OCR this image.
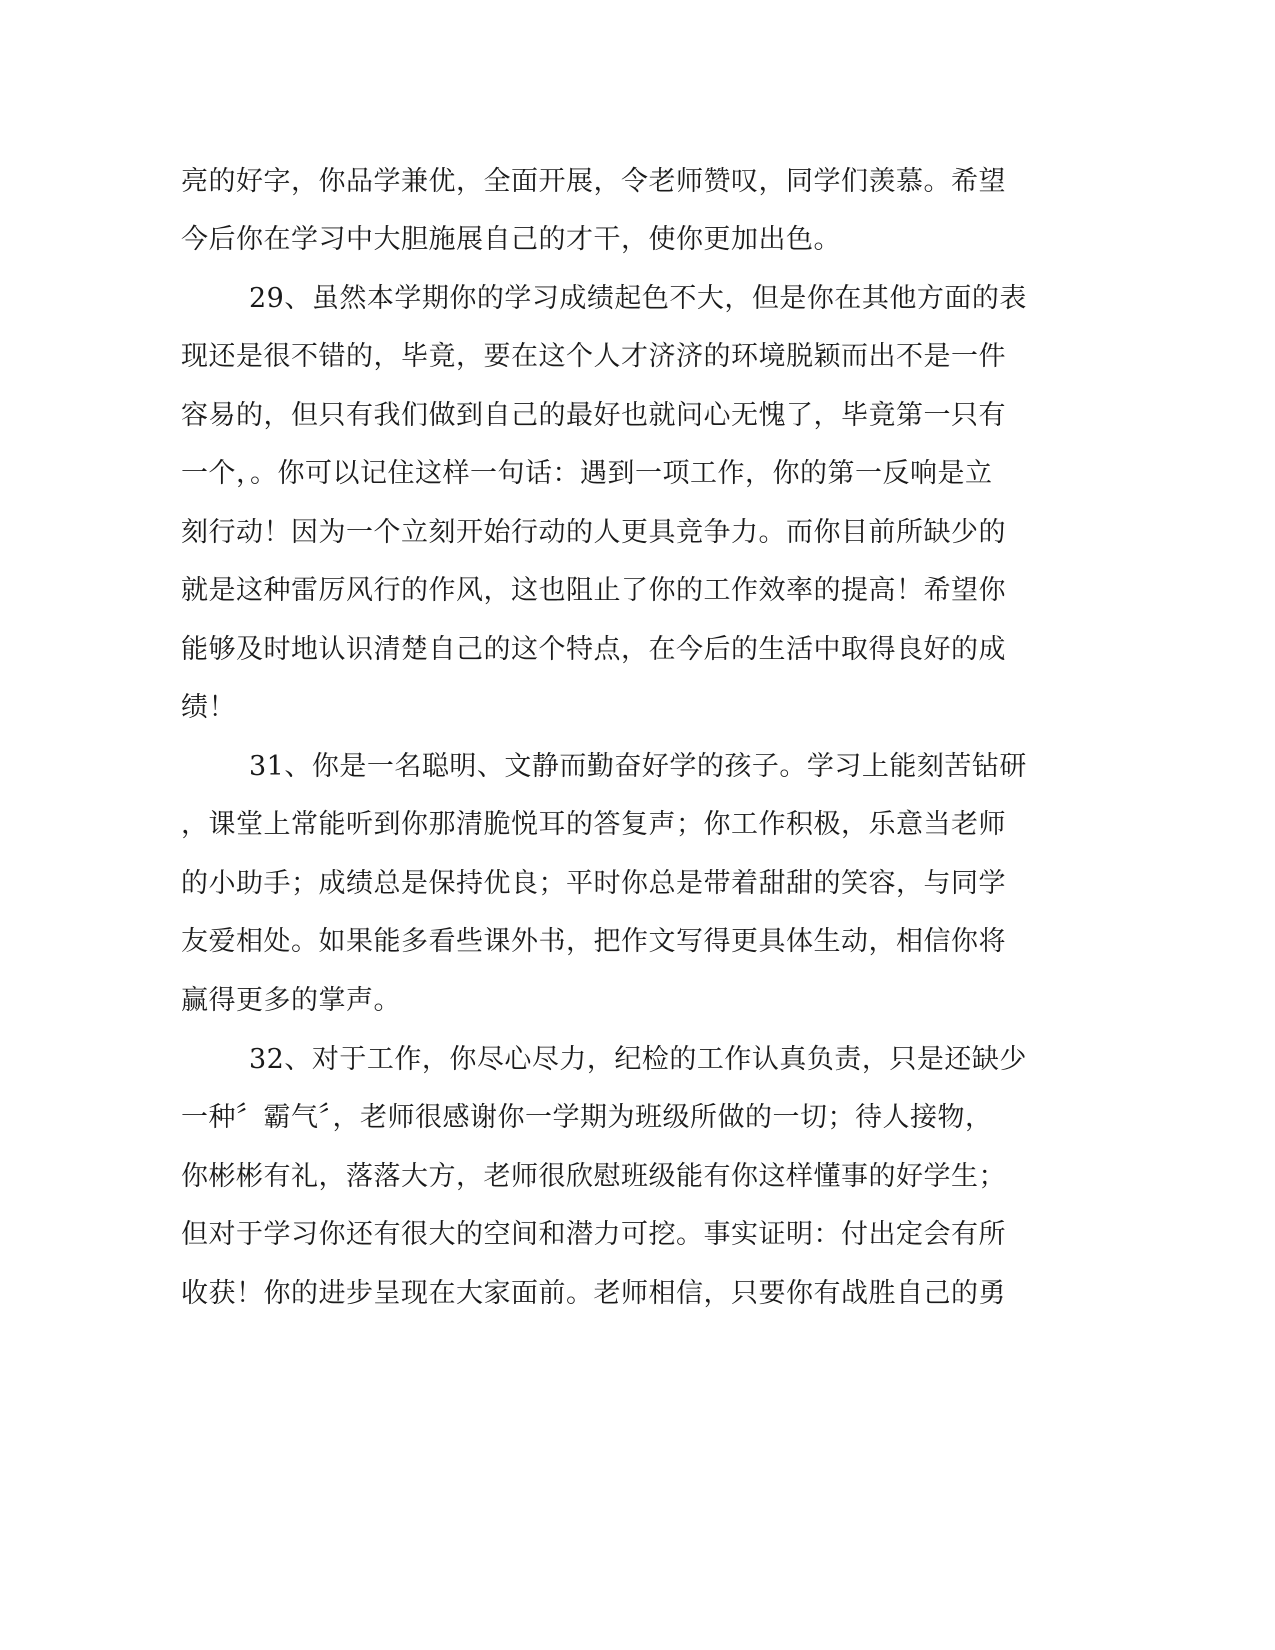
亮的好字，你品学兼优，全面开展，令老师赞叹，同学们羡慕。希望
今后你在学习中大胆施展自己的才干，使你更加出色。
29、虽然本学期你的学习成绩起色不大，但是你在其他方面的表
现还是很不错的，毕竟，要在这个人才济济的环境脱颖而出不是一件
容易的，但只有我们做到自己的最好也就问心无愧了，毕竟第一只有
一个，。你可以记住这样一句话：遇到一项工作，你的第一反响是立
刻行动！因为一个立刻开始行动的人更具竞争力。而你目前所缺少的
就是这种雷厉风行的作风，这也阻止了你的工作效率的提高！希望你
能够及时地认识清楚自己的这个特点，在今后的生活中取得良好的成
绩！
31、你是一名聪明、文静而勤奋好学的孩子。学习上能刻苦钻研
，课堂上常能听到你那清脆悦耳的答复声；你工作积极，乐意当老师
的小助手；成绩总是保持优良；平时你总是带着甜甜的笑容，与同学
友爱相处。如果能多看些课外书，把作文写得更具体生动，相信你将
赢得更多的掌声。
32、对于工作，你尽心尽力，纪检的工作认真负责，只是还缺少
一种〞霸气〞，老师很感谢你一学期为班级所做的一切；待人接物，
你彬彬有礼，落落大方，老师很欣慰班级能有你这样懂事的好学生；
但对于学习你还有很大的空间和潜力可挖。事实证明：付出定会有所
收获！你的进步呈现在大家面前。老师相信，只要你有战胜自己的勇
